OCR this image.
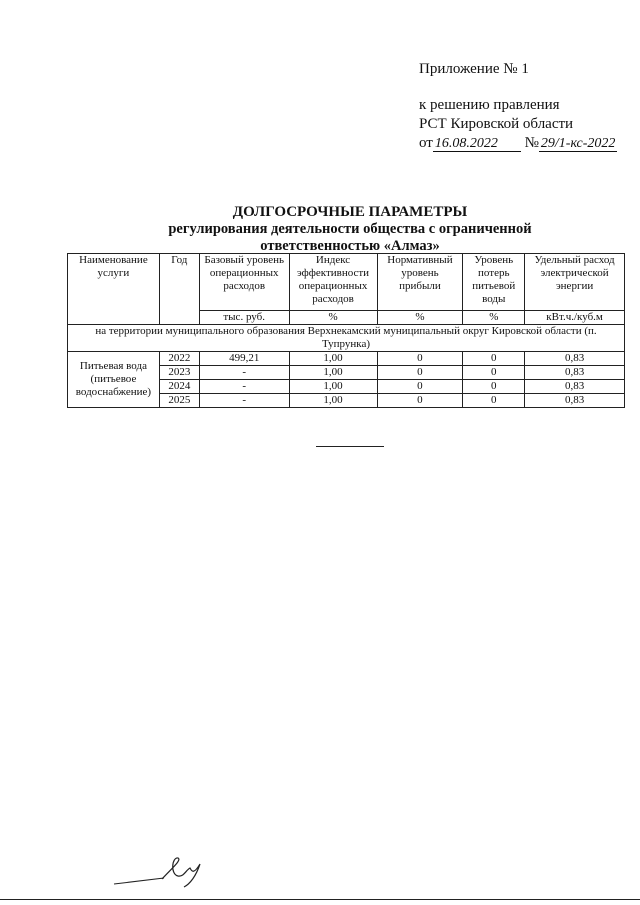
Приложение № 1
к решению правления
РСТ Кировской области
от 16.08.2022 № 29/1-кс-2022
ДОЛГОСРОЧНЫЕ ПАРАМЕТРЫ
регулирования деятельности общества с ограниченной
ответственностью «Алмаз»
Наименование услуги	Год	Базовый уровень операционных расходов	Индекс эффективности операционных расходов	Нормативный уровень прибыли	Уровень потерь питьевой воды	Удельный расход электрической энергии
		тыс. руб.	%	%	%	кВт.ч./куб.м
на территории муниципального образования Верхнекамский муниципальный округ Кировской области (п. Тупрунка)						
Питьевая вода (питьевое водоснабжение)	2022	499,21	1,00	0	0	0,83
	2023	-	1,00	0	0	0,83
	2024	-	1,00	0	0	0,83
	2025	-	1,00	0	0	0,83
